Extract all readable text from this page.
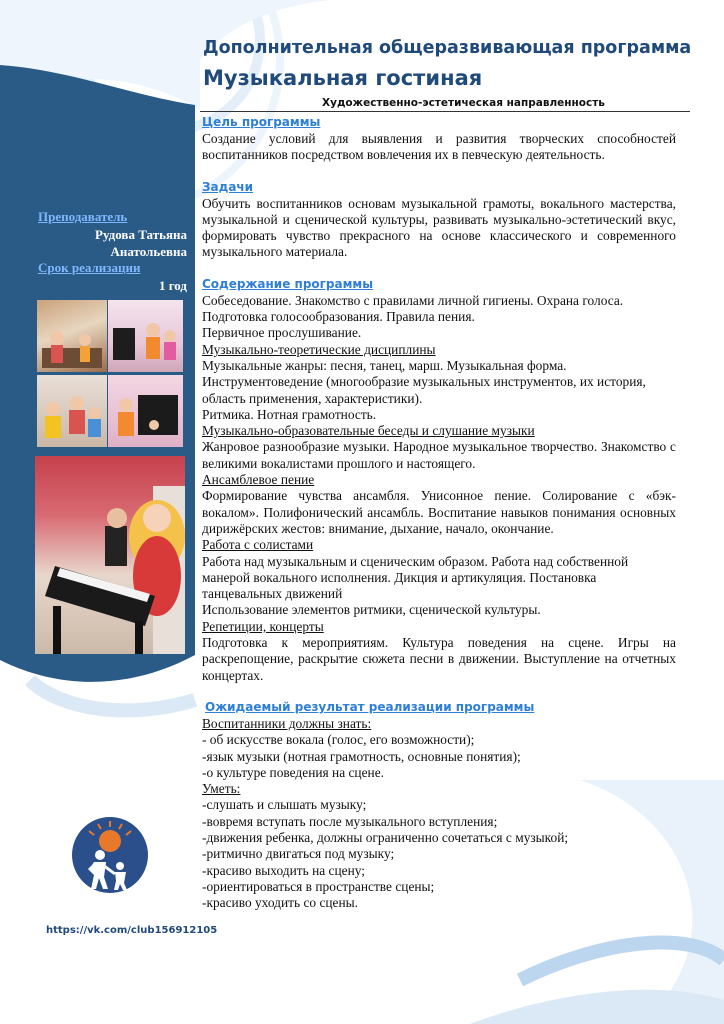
Преподаватель
Рудова Татьяна
Анатольевна
Срок реализации
1 год
https://vk.com/club156912105
Дополнительная общеразвивающая программа
Музыкальная гостиная
Художественно-эстетическая направленность

Цель программы

Создание условий для выявления и развития творческих способностей воспитанников посредством вовлечения их в певческую деятельность.

Задачи

Обучить воспитанников основам музыкальной грамоты, вокального мастерства, музыкальной и сценической культуры, развивать музыкально-эстетический вкус, формировать чувство прекрасного на основе классического и современного музыкального материала.

Содержание программы

Собеседование. Знакомство с правилами личной гигиены. Охрана голоса.

Подготовка голосообразования. Правила пения.

Первичное прослушивание.

Музыкально-теоретические дисциплины

Музыкальные жанры: песня, танец, марш. Музыкальная форма.

Инструментоведение (многообразие музыкальных инструментов, их история, область применения, характеристики).

Ритмика. Нотная грамотность.

Музыкально-образовательные беседы и слушание музыки

Жанровое разнообразие музыки. Народное музыкальное творчество. Знакомство с великими вокалистами прошлого и настоящего.

Ансамблевое пение

Формирование чувства ансамбля. Унисонное пение. Солирование с «бэк-вокалом». Полифонический ансамбль. Воспитание навыков понимания основных дирижёрских жестов: внимание, дыхание, начало, окончание.

Работа с солистами

Работа над музыкальным и сценическим образом. Работа над собственной манерой вокального исполнения. Дикция и артикуляция. Постановка танцевальных движений

Использование элементов ритмики, сценической культуры.

Репетиции, концерты

Подготовка к мероприятиям. Культура поведения на сцене. Игры на раскрепощение, раскрытие сюжета песни в движении. Выступление на отчетных концертах.

Ожидаемый результат реализации программы

Воспитанники должны знать:

- об искусстве вокала (голос, его возможности);

-язык музыки (нотная грамотность, основные понятия);

-о культуре поведения на сцене.

Уметь:

-слушать и слышать музыку;

-вовремя вступать после музыкального вступления;

-движения ребенка, должны ограниченно сочетаться с музыкой;

-ритмично двигаться под музыку;

-красиво выходить на сцену;

-ориентироваться в пространстве сцены;

-красиво уходить со сцены.
